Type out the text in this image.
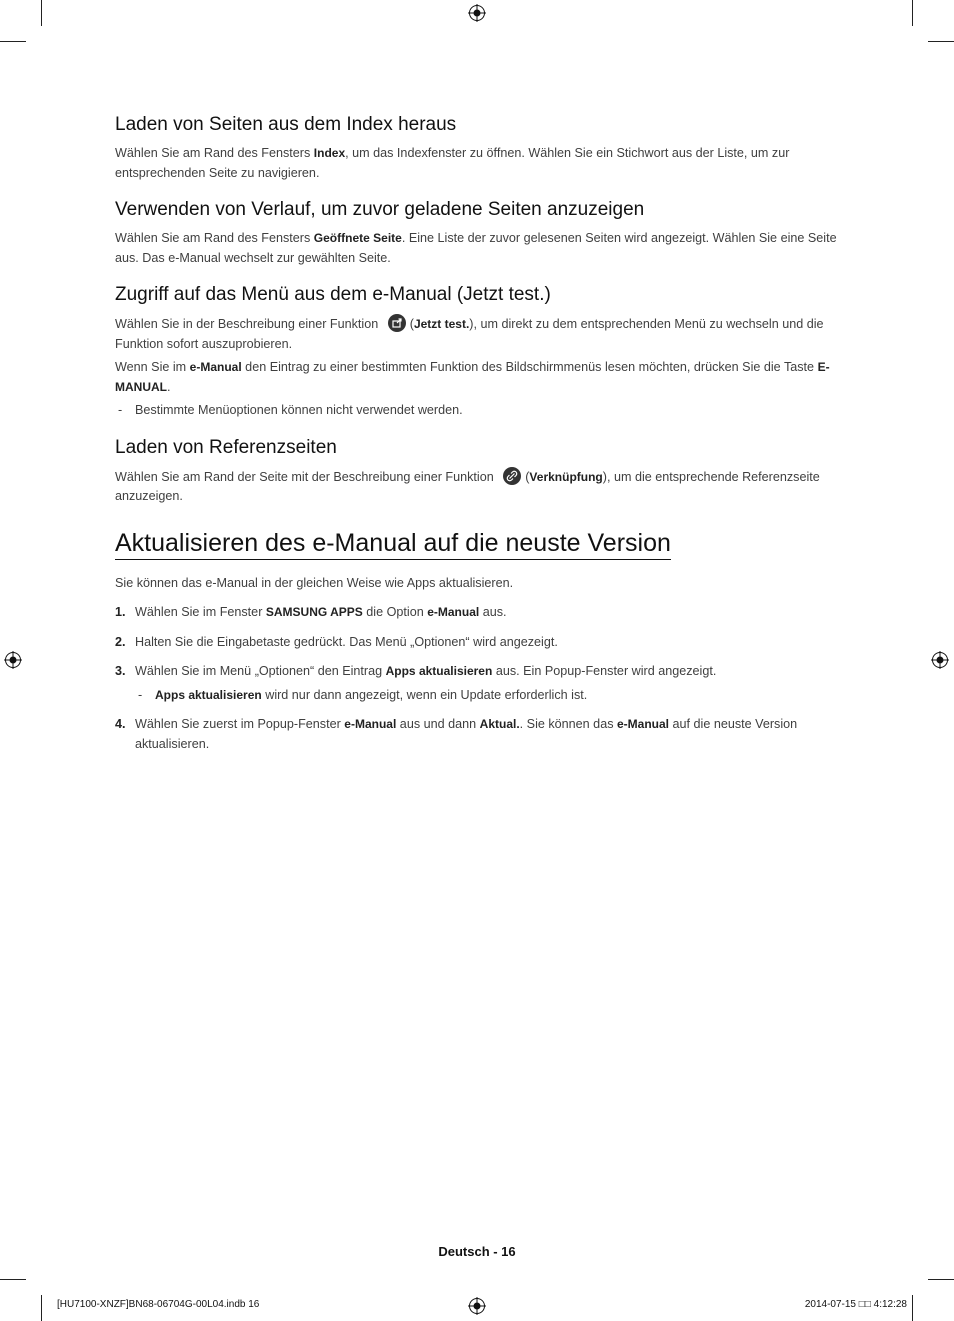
Laden von Seiten aus dem Index heraus

Wählen Sie am Rand des Fensters Index, um das Indexfenster zu öffnen. Wählen Sie ein Stichwort aus der Liste, um zur entsprechenden Seite zu navigieren.

Verwenden von Verlauf, um zuvor geladene Seiten anzuzeigen

Wählen Sie am Rand des Fensters Geöffnete Seite. Eine Liste der zuvor gelesenen Seiten wird angezeigt. Wählen Sie eine Seite aus. Das e-Manual wechselt zur gewählten Seite.

Zugriff auf das Menü aus dem e-Manual (Jetzt test.)

Wählen Sie in der Beschreibung einer Funktion
(Jetzt test.), um direkt zu dem entsprechenden Menü zu wechseln und die Funktion sofort auszuprobieren.

Wenn Sie im e-Manual den Eintrag zu einer bestimmten Funktion des Bildschirmmenüs lesen möchten, drücken Sie die Taste E-MANUAL.

- Bestimmte Menüoptionen können nicht verwendet werden.

Laden von Referenzseiten

Wählen Sie am Rand der Seite mit der Beschreibung einer Funktion
(Verknüpfung), um die entsprechende Referenzseite anzuzeigen.

Aktualisieren des e-Manual auf die neuste Version

Sie können das e-Manual in der gleichen Weise wie Apps aktualisieren.

1. Wählen Sie im Fenster SAMSUNG APPS die Option e-Manual aus.
2. Halten Sie die Eingabetaste gedrückt. Das Menü „Optionen“ wird angezeigt.
3. Wählen Sie im Menü „Optionen“ den Eintrag Apps aktualisieren aus. Ein Popup-Fenster wird angezeigt.
- Apps aktualisieren wird nur dann angezeigt, wenn ein Update erforderlich ist.
4. Wählen Sie zuerst im Popup-Fenster e-Manual aus und dann Aktual.. Sie können das e-Manual auf die neuste Version aktualisieren.
Deutsch - 16
[HU7100-XNZF]BN68-06704G-00L04.indb 16	2014-07-15 □□ 4:12:28
